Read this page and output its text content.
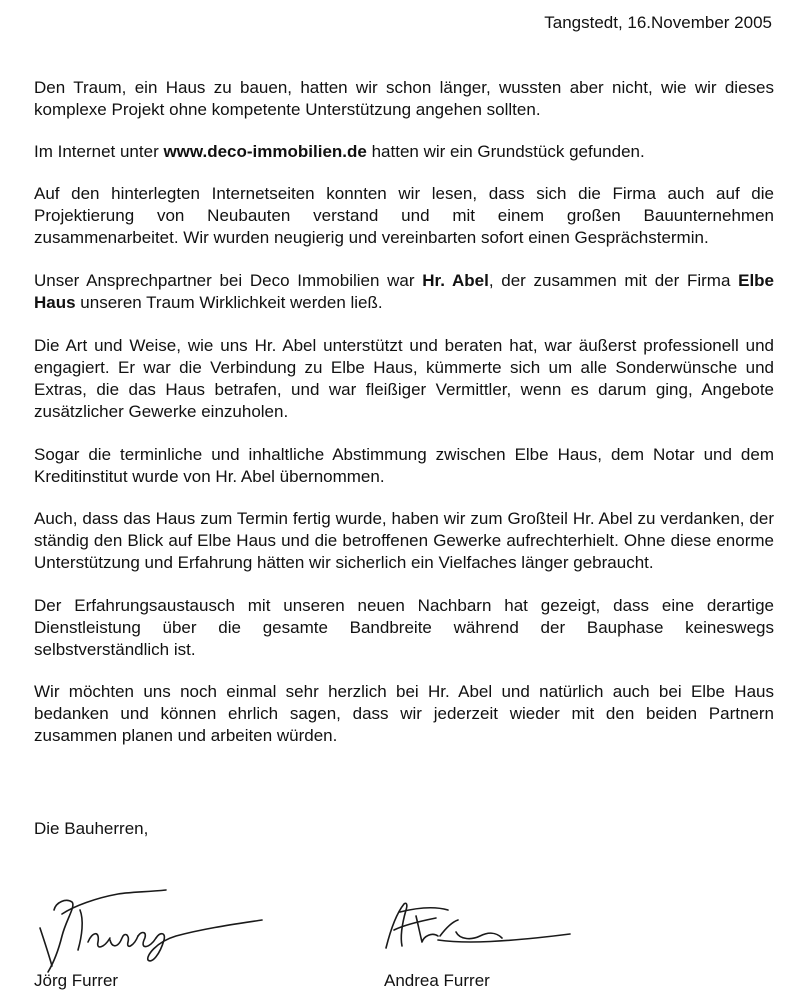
Tangstedt, 16.November 2005

Den Traum, ein Haus zu bauen, hatten wir schon länger, wussten aber nicht, wie wir dieses komplexe Projekt ohne kompetente Unterstützung angehen sollten.

Im Internet unter www.deco-immobilien.de hatten wir ein Grundstück gefunden.

Auf den hinterlegten Internetseiten konnten wir lesen, dass sich die Firma auch auf die Projektierung von Neubauten verstand und mit einem großen Bauunternehmen zusammenarbeitet. Wir wurden neugierig und vereinbarten sofort einen Gesprächstermin.

Unser Ansprechpartner bei Deco Immobilien war Hr. Abel, der zusammen mit der Firma Elbe Haus unseren Traum Wirklichkeit werden ließ.

Die Art und Weise, wie uns Hr. Abel unterstützt und beraten hat, war äußerst professionell und engagiert. Er war die Verbindung zu Elbe Haus, kümmerte sich um alle Sonderwünsche und Extras, die das Haus betrafen, und war fleißiger Vermittler, wenn es darum ging, Angebote zusätzlicher Gewerke einzuholen.

Sogar die terminliche und inhaltliche Abstimmung zwischen Elbe Haus, dem Notar und dem Kreditinstitut wurde von Hr. Abel übernommen.

Auch, dass das Haus zum Termin fertig wurde, haben wir zum Großteil Hr. Abel zu verdanken, der ständig den Blick auf Elbe Haus und die betroffenen Gewerke aufrechterhielt. Ohne diese enorme Unterstützung und Erfahrung hätten wir sicherlich ein Vielfaches länger gebraucht.

Der Erfahrungsaustausch mit unseren neuen Nachbarn hat gezeigt, dass eine derartige Dienstleistung über die gesamte Bandbreite während der Bauphase keineswegs selbstverständlich ist.

Wir möchten uns noch einmal sehr herzlich bei Hr. Abel und natürlich auch bei Elbe Haus bedanken und können ehrlich sagen, dass wir jederzeit wieder mit den beiden Partnern zusammen planen und arbeiten würden.

Die Bauherren,
Jörg Furrer	Andrea Furrer
